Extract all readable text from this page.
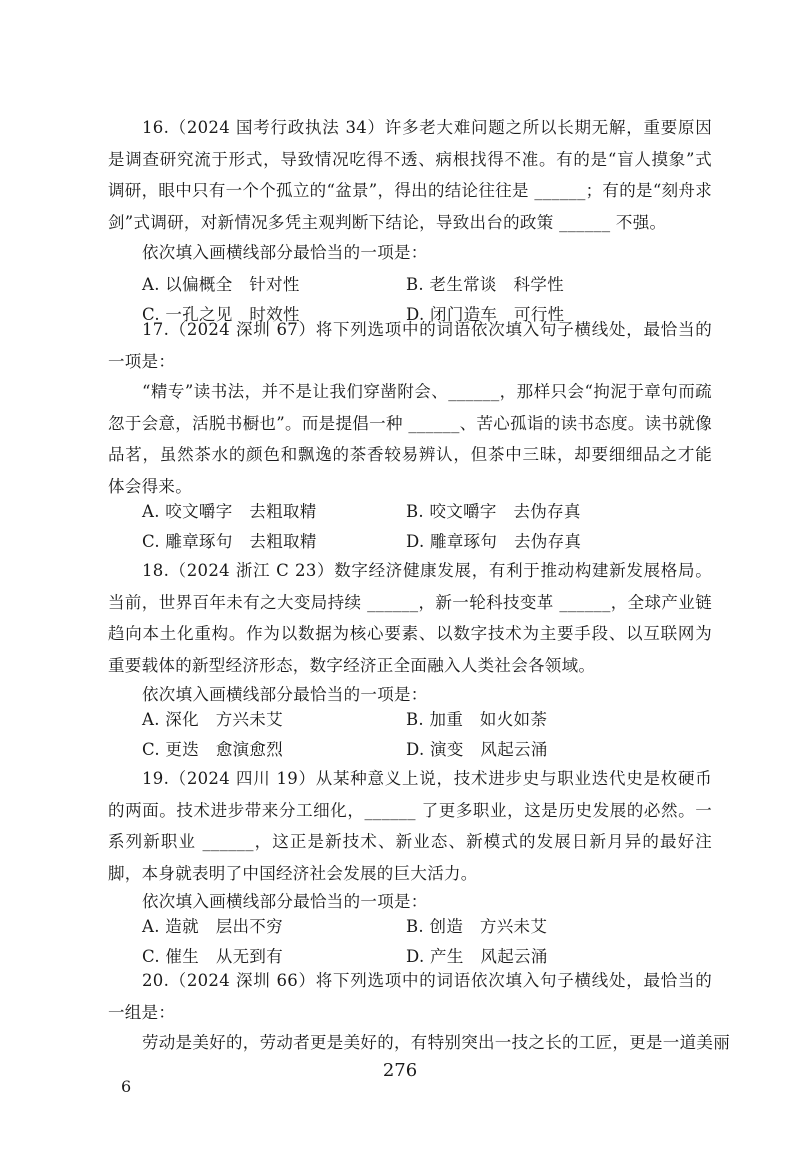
16.（2024 国考行政执法 34）许多老大难问题之所以长期无解，重要原因是调查研究流于形式，导致情况吃得不透、病根找得不准。有的是“盲人摸象”式调研，眼中只有一个个孤立的“盆景”，得出的结论往往是 ______；有的是“刻舟求剑”式调研，对新情况多凭主观判断下结论，导致出台的政策 ______ 不强。
依次填入画横线部分最恰当的一项是：
A. 以偏概全　针对性	B. 老生常谈　科学性
C. 一孔之见　时效性	D. 闭门造车　可行性
17.（2024 深圳 67）将下列选项中的词语依次填入句子横线处，最恰当的一项是：
“精专”读书法，并不是让我们穿凿附会、______，那样只会“拘泥于章句而疏忽于会意，活脱书橱也”。而是提倡一种 ______、苦心孤诣的读书态度。读书就像品茗，虽然茶水的颜色和飘逸的茶香较易辨认，但茶中三昧，却要细细品之才能体会得来。
A. 咬文嚼字　去粗取精	B. 咬文嚼字　去伪存真
C. 雕章琢句　去粗取精	D. 雕章琢句　去伪存真
18.（2024 浙江 C 23）数字经济健康发展，有利于推动构建新发展格局。当前，世界百年未有之大变局持续 ______，新一轮科技变革 ______，全球产业链趋向本土化重构。作为以数据为核心要素、以数字技术为主要手段、以互联网为重要载体的新型经济形态，数字经济正全面融入人类社会各领域。
依次填入画横线部分最恰当的一项是：
A. 深化　方兴未艾	B. 加重　如火如荼
C. 更迭　愈演愈烈	D. 演变　风起云涌
19.（2024 四川 19）从某种意义上说，技术进步史与职业迭代史是枚硬币的两面。技术进步带来分工细化，______ 了更多职业，这是历史发展的必然。一系列新职业 ______，这正是新技术、新业态、新模式的发展日新月异的最好注脚，本身就表明了中国经济社会发展的巨大活力。
依次填入画横线部分最恰当的一项是：
A. 造就　层出不穷	B. 创造　方兴未艾
C. 催生　从无到有	D. 产生　风起云涌
20.（2024 深圳 66）将下列选项中的词语依次填入句子横线处，最恰当的一组是：
劳动是美好的，劳动者更是美好的，有特别突出一技之长的工匠，更是一道美丽
276
6
